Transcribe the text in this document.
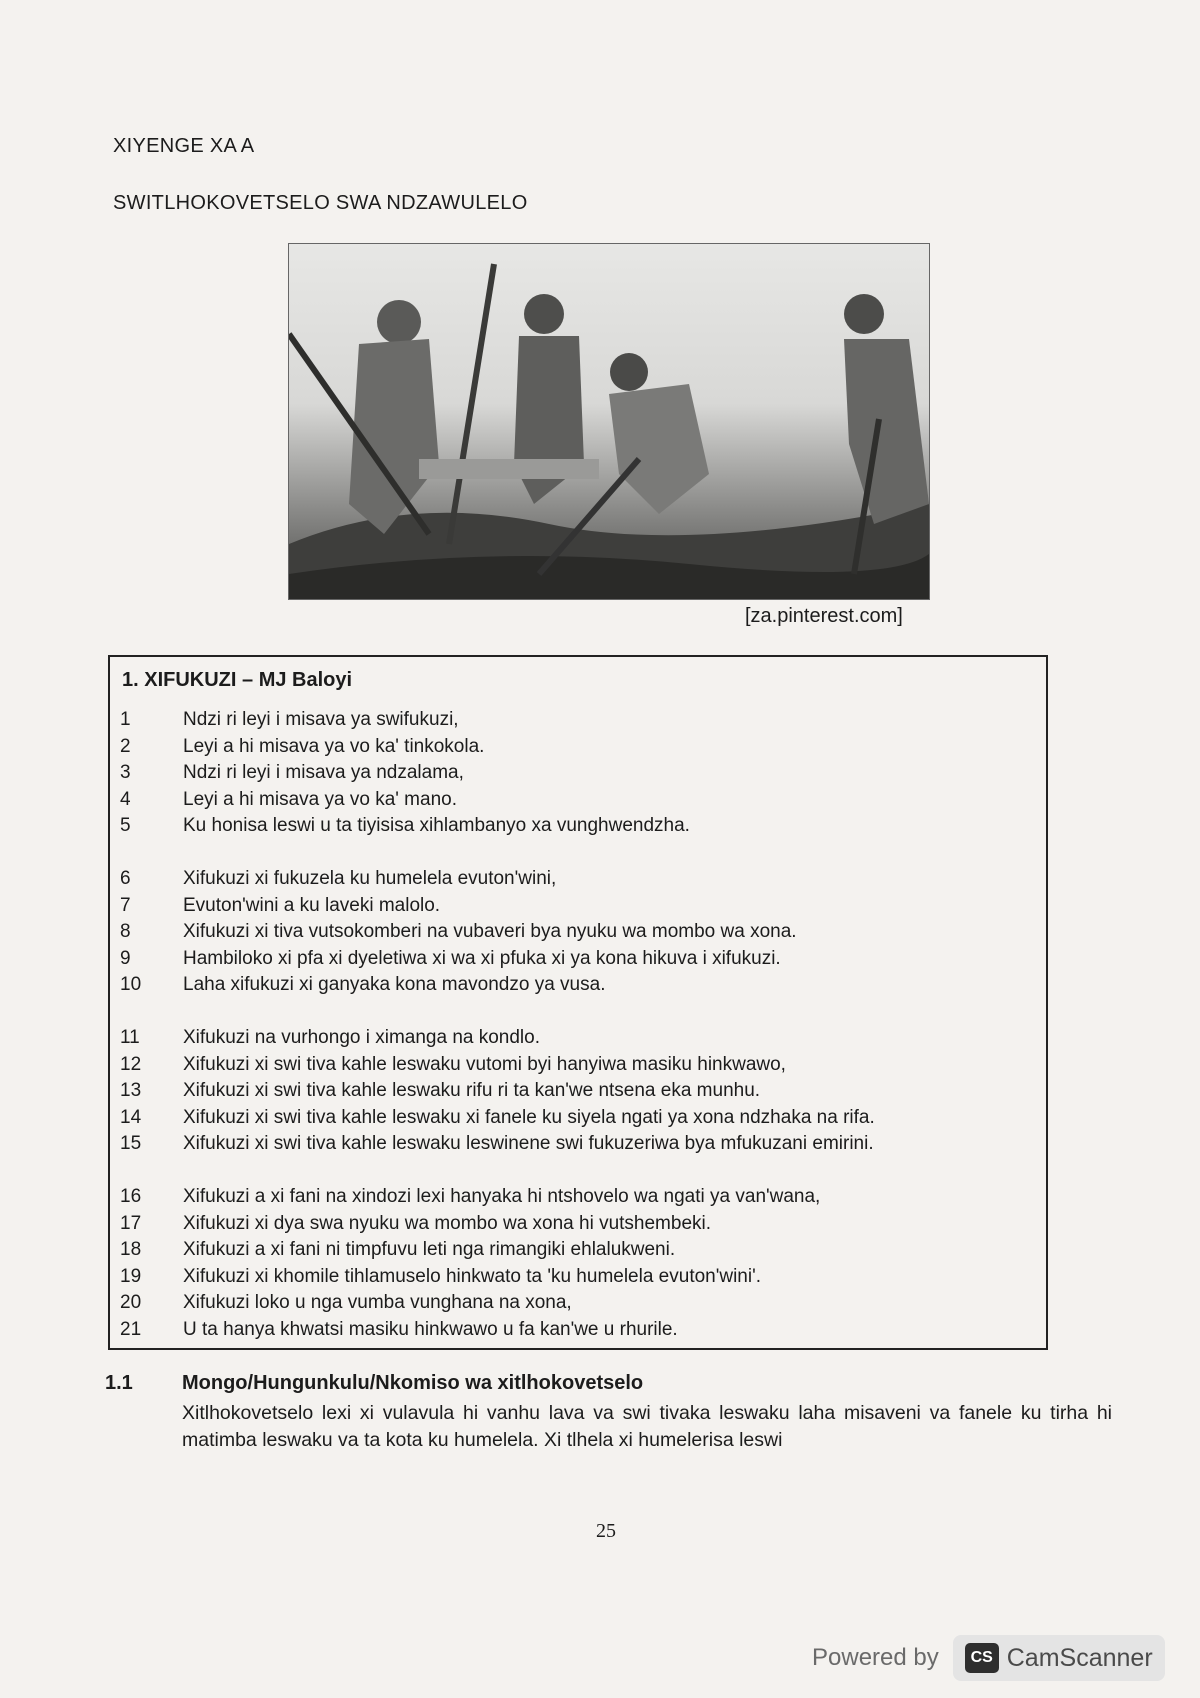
XIYENGE XA A
SWITLHOKOVETSELO SWA NDZAWULELO
[za.pinterest.com]
1. XIFUKUZI – MJ Baloyi
1	Ndzi ri leyi i misava ya swifukuzi,
2	Leyi a hi misava ya vo ka' tinkokola.
3	Ndzi ri leyi i misava ya ndzalama,
4	Leyi a hi misava ya vo ka' mano.
5	Ku honisa leswi u ta tiyisisa xihlambanyo xa vunghwendzha.
6	Xifukuzi xi fukuzela ku humelela evuton'wini,
7	Evuton'wini a ku laveki malolo.
8	Xifukuzi xi tiva vutsokomberi na vubaveri bya nyuku wa mombo wa xona.
9	Hambiloko xi pfa xi dyeletiwa xi wa xi pfuka xi ya kona hikuva i xifukuzi.
10	Laha xifukuzi xi ganyaka kona mavondzo ya vusa.
11	Xifukuzi na vurhongo i ximanga na kondlo.
12	Xifukuzi xi swi tiva kahle leswaku vutomi byi hanyiwa masiku hinkwawo,
13	Xifukuzi xi swi tiva kahle leswaku rifu ri ta kan'we ntsena eka munhu.
14	Xifukuzi xi swi tiva kahle leswaku xi fanele ku siyela ngati ya xona ndzhaka na rifa.
15	Xifukuzi xi swi tiva kahle leswaku leswinene swi fukuzeriwa bya mfukuzani emirini.
16	Xifukuzi a xi fani na xindozi lexi hanyaka hi ntshovelo wa ngati ya van'wana,
17	Xifukuzi xi dya swa nyuku wa mombo wa xona hi vutshembeki.
18	Xifukuzi a xi fani ni timpfuvu leti nga rimangiki ehlalukweni.
19	Xifukuzi xi khomile tihlamuselo hinkwato ta 'ku humelela evuton'wini'.
20	Xifukuzi loko u nga vumba vunghana na xona,
21	U ta hanya khwatsi masiku hinkwawo u fa kan'we u rhurile.
1.1 Mongo/Hungunkulu/Nkomiso wa xitlhokovetselo
Xitlhokovetselo lexi xi vulavula hi vanhu lava va swi tivaka leswaku laha misaveni va fanele ku tirha hi matimba leswaku va ta kota ku humelela. Xi tlhela xi humelerisa leswi
25
Powered by	CS CamScanner
